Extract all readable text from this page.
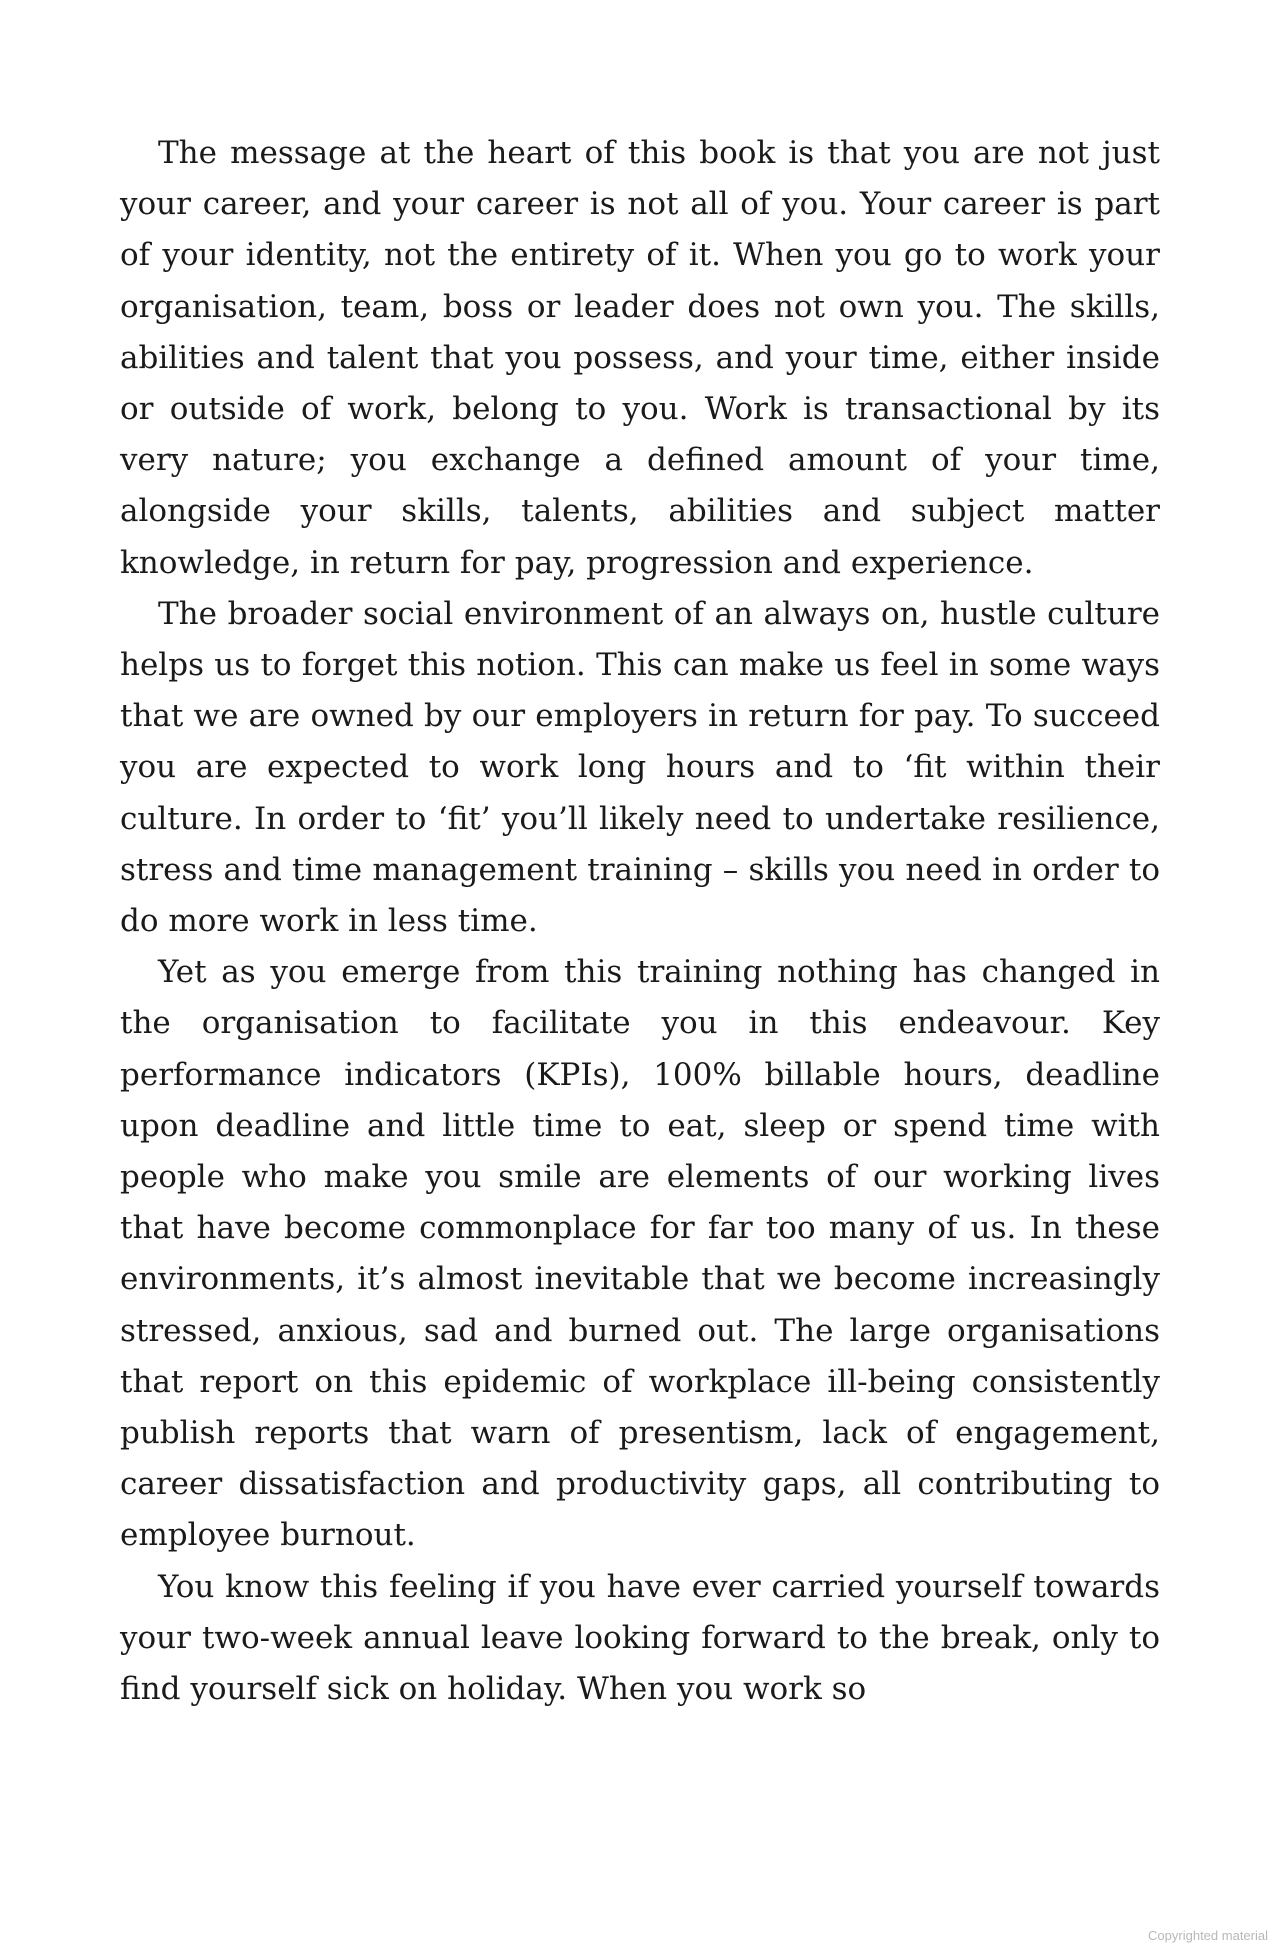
The message at the heart of this book is that you are not just your career, and your career is not all of you. Your career is part of your identity, not the entirety of it. When you go to work your organisation, team, boss or leader does not own you. The skills, abilities and talent that you possess, and your time, either inside or outside of work, belong to you. Work is transactional by its very nature; you exchange a defined amount of your time, alongside your skills, talents, abilities and subject matter knowledge, in return for pay, progression and experience.

The broader social environment of an always on, hustle culture helps us to forget this notion. This can make us feel in some ways that we are owned by our employers in return for pay. To succeed you are expected to work long hours and to ‘fit within their culture. In order to ‘fit’ you’ll likely need to undertake resilience, stress and time management training – skills you need in order to do more work in less time.

Yet as you emerge from this training nothing has changed in the organisation to facilitate you in this endeavour. Key performance indicators (KPIs), 100% billable hours, deadline upon deadline and little time to eat, sleep or spend time with people who make you smile are elements of our working lives that have become commonplace for far too many of us. In these environments, it’s almost inevitable that we become increasingly stressed, anxious, sad and burned out. The large organisations that report on this epidemic of workplace ill-being consistently publish reports that warn of presentism, lack of engagement, career dissatisfaction and productivity gaps, all contributing to employee burnout.

You know this feeling if you have ever carried yourself towards your two-week annual leave looking forward to the break, only to find yourself sick on holiday. When you work so

Copyrighted material
